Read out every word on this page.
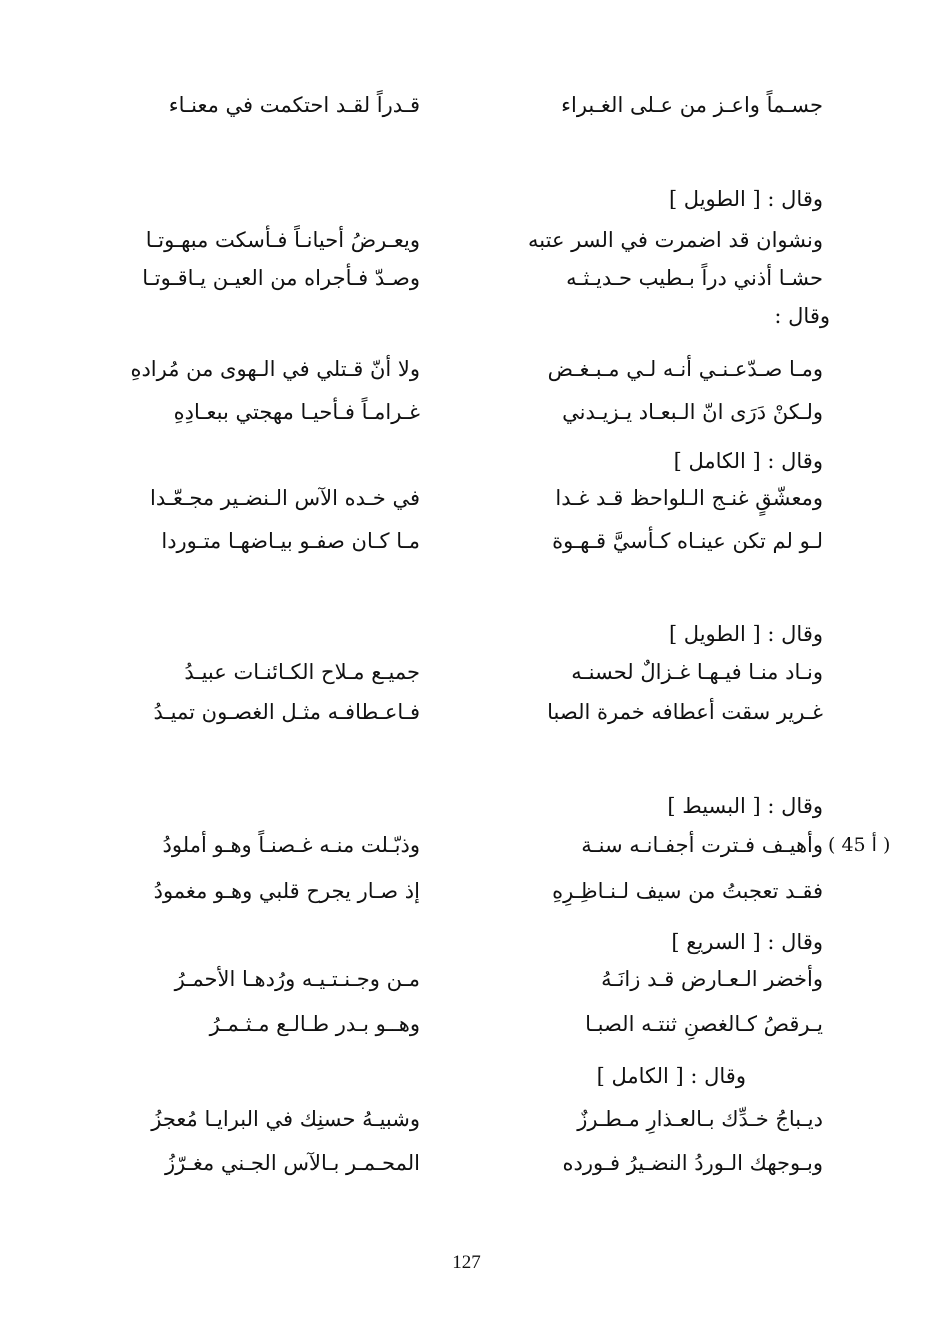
جسـماً واعـز من عـلى الغـبراء
قـدراً لقـد احتكمت في معنـاء
وقال : [ الطويل ]
ونشوان قد اضمرت في السر عتبه
ويعـرضُ أحيانـاً فـأسكت مبهـوتـا
حشـا أذني دراً بـطيب حـديـثـه
وصـدّ فـأجراه من العيـن يـاقـوتـا
وقال :
ومـا صـدّعـنـي أنـه لـي مـبـغـض
ولا أنّ قـتلي في الـهوى من مُرادهِ
ولـكنْ دَرَى انّ الـبعـاد يـزيـدني
غـرامـاً فـأحيـا مهجتي ببعـادِهِ
وقال : [ الكامل ]
ومعشّقٍ غنـج الـلواحظ قـد غـدا
في خـده الآس الـنضـير مجـعّـدا
لـو لم تكن عينـاه كـأسيَّ قـهـوة
مـا كـان صفـو بيـاضهـا متـوردا
وقال : [ الطويل ]
ونـاد منـا فيـهـا غـزالٌ لحسنـه
جميـع مـلاح الكـائنـات عبيـدُ
غـرير سقت أعطافه خمرة الصبا
فـاعـطافـه مثـل الغصـون تميـدُ
وقال : [ البسيط ]
( 45 أ )
وأهيـف فـترت أجفـانـه سنـة
وذبّـلت منـه غـصنـاً وهـو أملودُ
فقـد تعجبتُ من سيف لـنـاظِـرِهِ
إذ صـار يجرح قلبي وهـو مغمودُ
وقال : [ السريع ]
وأخضر الـعـارض قـد زانَـهُ
مـن وجـنـتـيـه ورُدهـا الأحمـرُ
يـرقصُ كـالغصنِ ثنتـه الصبـا
وهــو بـدر طـالـع مـثـمـرُ
وقال : [ الكامل ]
ديـباجُ خـدِّك بـالعـذارِ مـطـرزٌ
وشبيـهُ حسنِك في البرايـا مُعجزُ
وبـوجهك الـوردُ النضـيرُ فـورده
المحـمـر بـالآس الجـني مغـرّزُ
127
